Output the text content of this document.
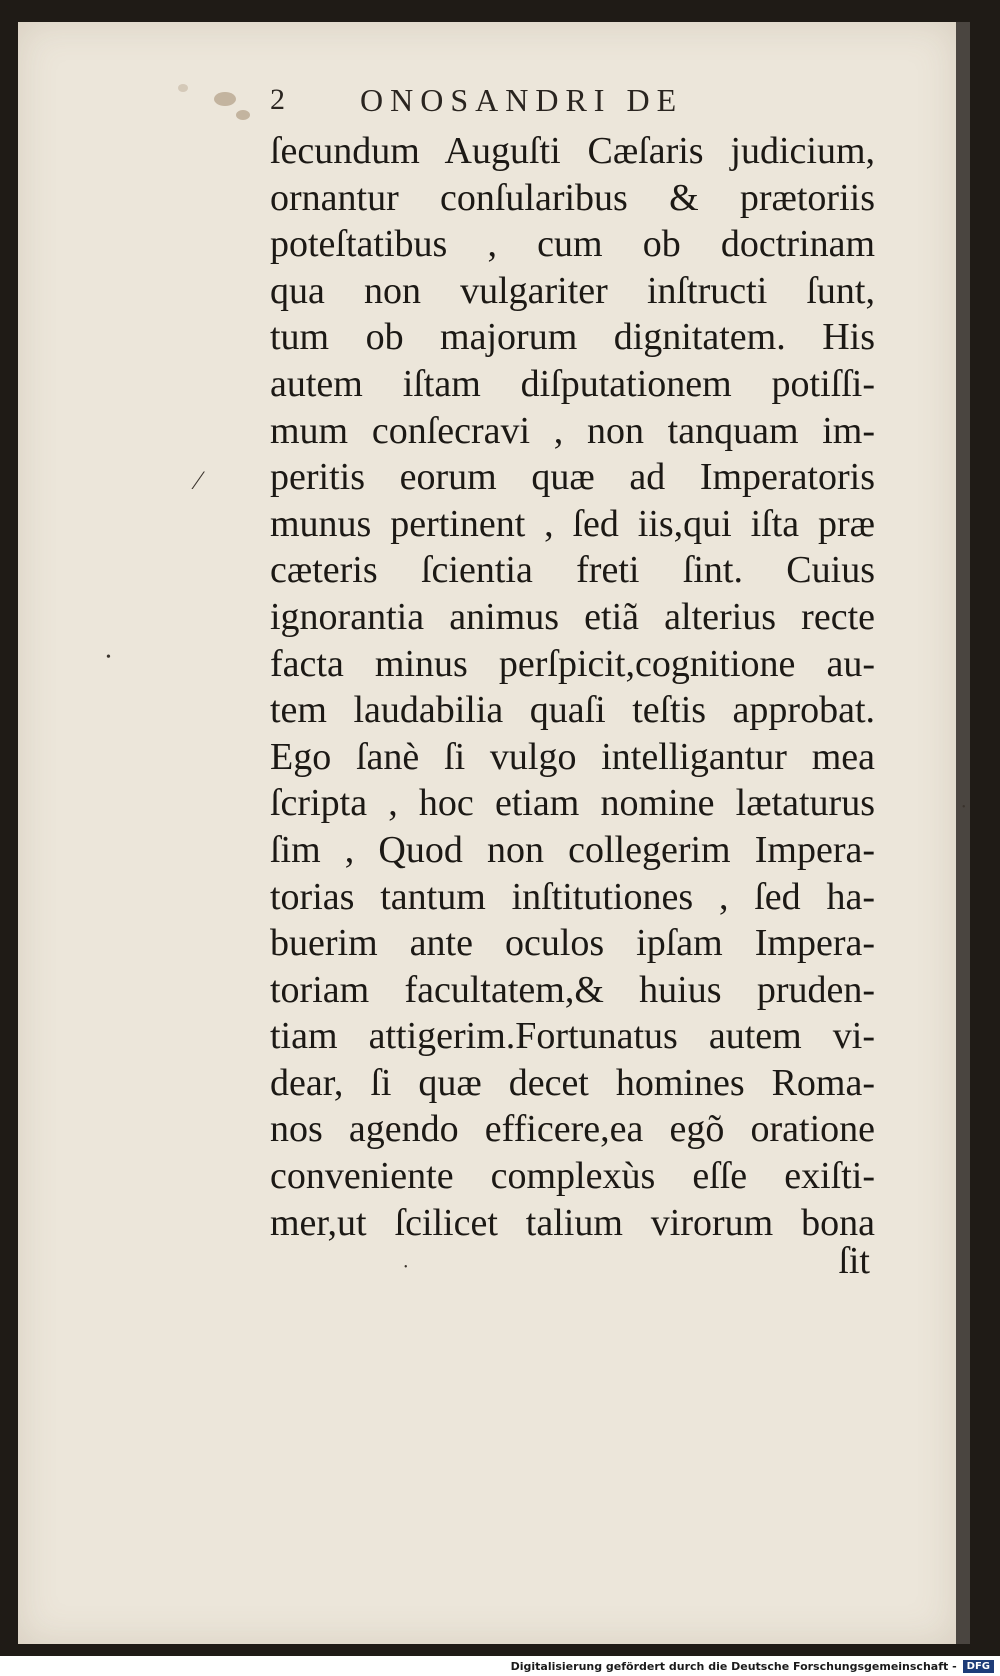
⁄
•
•
•
2	ONOSANDRI DE
ſecundum Auguſti Cæſaris judicium,
ornantur conſularibus & prætoriis
poteſtatibus , cum ob doctrinam
qua non vulgariter inſtructi ſunt,
tum ob majorum dignitatem. His
autem iſtam diſputationem potiſſi-
mum conſecravi , non tanquam im-
peritis eorum quæ ad Imperatoris
munus pertinent , ſed iis,qui iſta præ
cæteris ſcientia freti ſint. Cuius
ignorantia animus etiã alterius recte
facta minus perſpicit,cognitione au-
tem laudabilia quaſi teſtis approbat.
Ego ſanè ſi vulgo intelligantur mea
ſcripta , hoc etiam nomine lætaturus
ſim , Quod non collegerim Impera-
torias tantum inſtitutiones , ſed ha-
buerim ante oculos ipſam Impera-
toriam facultatem,& huius pruden-
tiam attigerim.Fortunatus autem vi-
dear, ſi quæ decet homines Roma-
nos agendo efficere,ea egõ oratione
conveniente complexùs eſſe exiſti-
mer,ut ſcilicet talium virorum bona
ſit
Digitalisierung gefördert durch die Deutsche Forschungsgemeinschaft -	DFG
